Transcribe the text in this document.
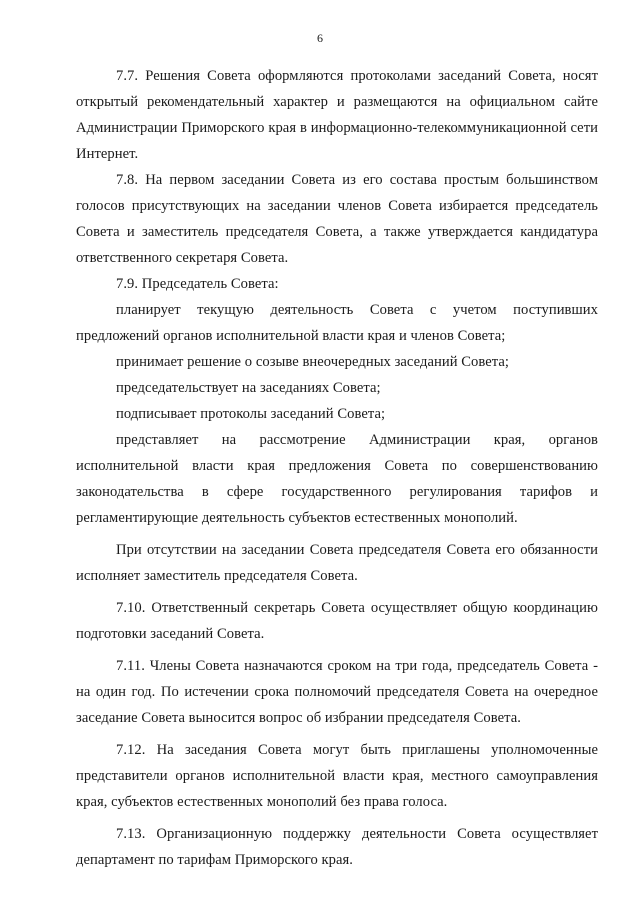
6

7.7. Решения Совета оформляются протоколами заседаний Совета, носят открытый рекомендательный характер и размещаются на официальном сайте Администрации Приморского края в информационно-телекоммуникационной сети Интернет.

7.8. На первом заседании Совета из его состава простым большинством голосов присутствующих на заседании членов Совета избирается председатель Совета и заместитель председателя Совета, а также утверждается кандидатура ответственного секретаря Совета.

7.9. Председатель Совета:

планирует текущую деятельность Совета с учетом поступивших предложений органов исполнительной власти края и членов Совета;

принимает решение о созыве внеочередных заседаний Совета;

председательствует на заседаниях Совета;

подписывает протоколы заседаний Совета;

представляет на рассмотрение Администрации края, органов исполнительной власти края предложения Совета по совершенствованию законодательства в сфере государственного регулирования тарифов и регламентирующие деятельность субъектов естественных монополий.

При отсутствии на заседании Совета председателя Совета его обязанности исполняет заместитель председателя Совета.

7.10. Ответственный секретарь Совета осуществляет общую координацию подготовки заседаний Совета.

7.11. Члены Совета назначаются сроком на три года, председатель Совета - на один год. По истечении срока полномочий председателя Совета на очередное заседание Совета выносится вопрос об избрании председателя Совета.

7.12. На заседания Совета могут быть приглашены уполномоченные представители органов исполнительной власти края, местного самоуправления края, субъектов естественных монополий без права голоса.

7.13. Организационную поддержку деятельности Совета осуществляет департамент по тарифам Приморского края.
